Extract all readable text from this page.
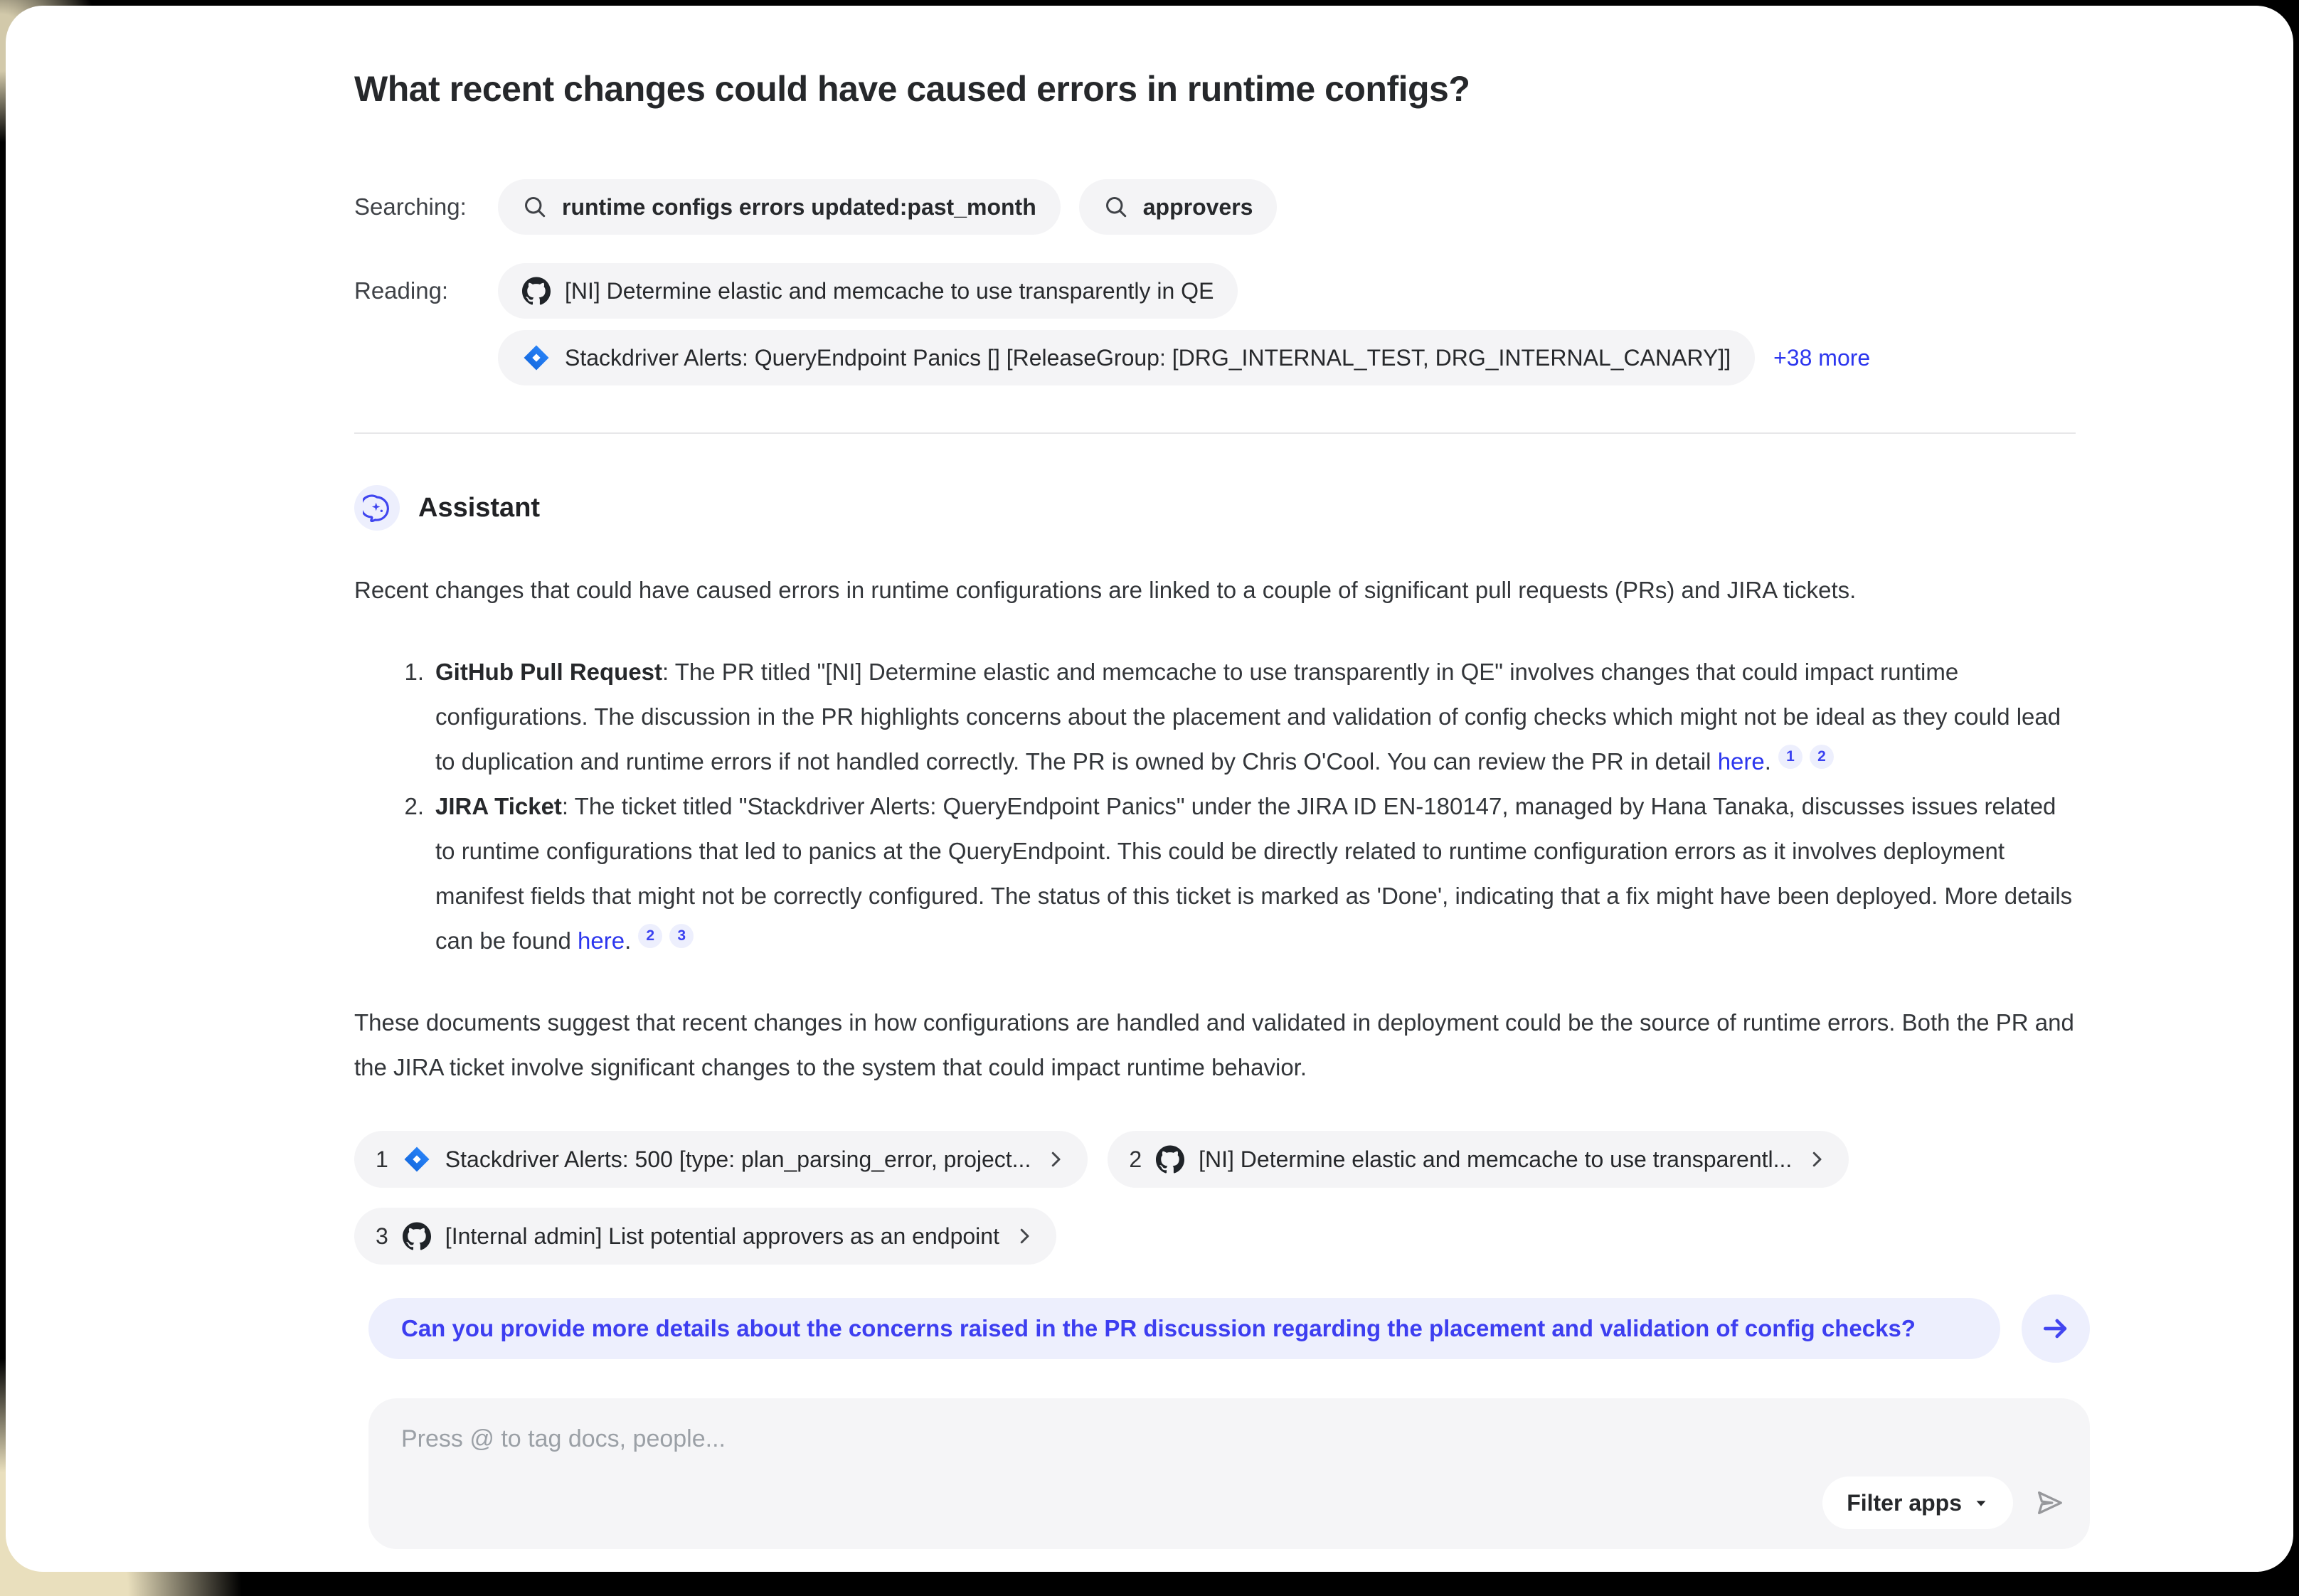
What recent changes could have caused errors in runtime configs?
Searching:	runtime configs errors updated:past_month	approvers
Reading:	[NI] Determine elastic and memcache to use transparently in QE
Stackdriver Alerts: QueryEndpoint Panics [] [ReleaseGroup: [DRG_INTERNAL_TEST, DRG_INTERNAL_CANARY]] +38 more
Assistant

Recent changes that could have caused errors in runtime configurations are linked to a couple of significant pull requests (PRs) and JIRA tickets.

1. GitHub Pull Request: The PR titled "[NI] Determine elastic and memcache to use transparently in QE" involves changes that could impact runtime configurations. The discussion in the PR highlights concerns about the placement and validation of config checks which might not be ideal as they could lead to duplication and runtime errors if not handled correctly. The PR is owned by Chris O'Cool. You can review the PR in detail here. 1 2
2. JIRA Ticket: The ticket titled "Stackdriver Alerts: QueryEndpoint Panics" under the JIRA ID EN-180147, managed by Hana Tanaka, discusses issues related to runtime configurations that led to panics at the QueryEndpoint. This could be directly related to runtime configuration errors as it involves deployment manifest fields that might not be correctly configured. The status of this ticket is marked as 'Done', indicating that a fix might have been deployed. More details can be found here. 2 3

These documents suggest that recent changes in how configurations are handled and validated in deployment could be the source of runtime errors. Both the PR and the JIRA ticket involve significant changes to the system that could impact runtime behavior.

1	Stackdriver Alerts: 500 [type: plan_parsing_error, project...	2	[NI] Determine elastic and memcache to use transparentl...
3	[Internal admin] List potential approvers as an endpoint
Can you provide more details about the concerns raised in the PR discussion regarding the placement and validation of config checks?
Press @ to tag docs, people...
Filter apps
